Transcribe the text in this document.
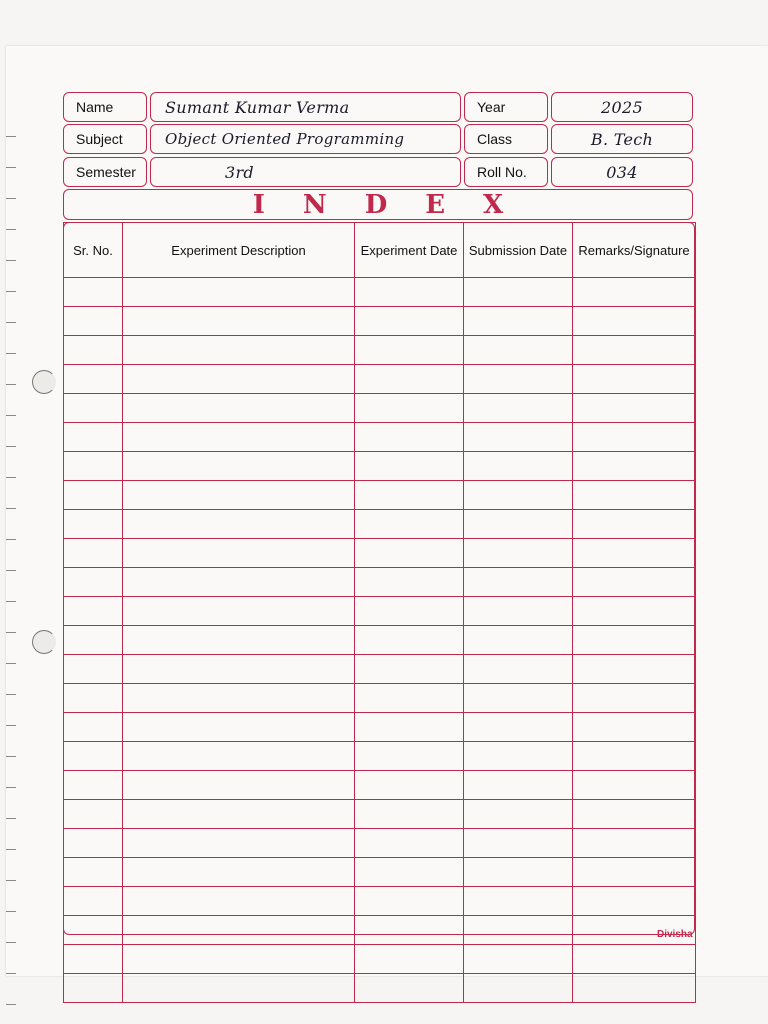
Name	Sumant Kumar Verma	Year	2025
Subject	Object Oriented Programming	Class	B. Tech
Semester	3rd	Roll No.	034
INDEX
Sr. No.	Experiment Description	Experiment Date	Submission Date	Remarks/Signature

Divisha
